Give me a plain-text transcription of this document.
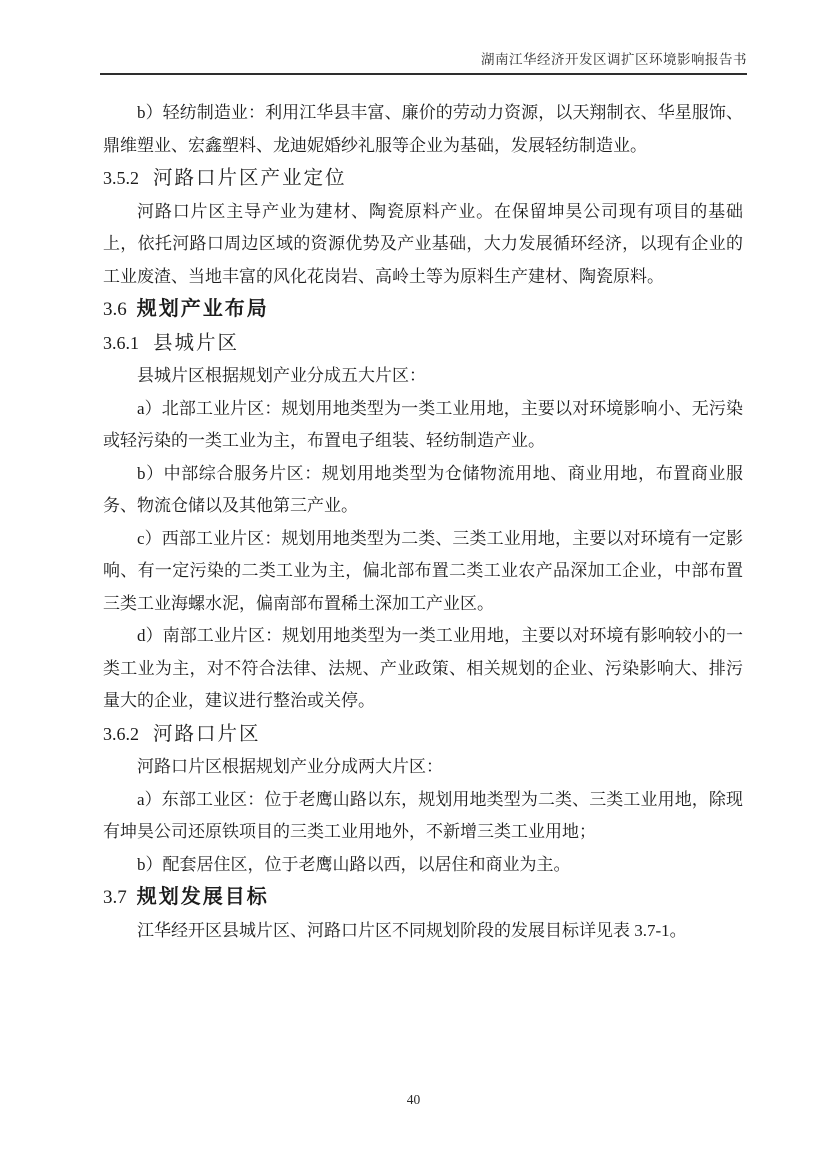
湖南江华经济开发区调扩区环境影响报告书

b）轻纺制造业：利用江华县丰富、廉价的劳动力资源，以天翔制衣、华星服饰、鼎维塑业、宏鑫塑料、龙迪妮婚纱礼服等企业为基础，发展轻纺制造业。

3.5.2 河路口片区产业定位

河路口片区主导产业为建材、陶瓷原料产业。在保留坤昊公司现有项目的基础上，依托河路口周边区域的资源优势及产业基础，大力发展循环经济，以现有企业的工业废渣、当地丰富的风化花岗岩、高岭土等为原料生产建材、陶瓷原料。

3.6 规划产业布局

3.6.1 县城片区

县城片区根据规划产业分成五大片区：

a）北部工业片区：规划用地类型为一类工业用地，主要以对环境影响小、无污染或轻污染的一类工业为主，布置电子组装、轻纺制造产业。

b）中部综合服务片区：规划用地类型为仓储物流用地、商业用地，布置商业服务、物流仓储以及其他第三产业。

c）西部工业片区：规划用地类型为二类、三类工业用地，主要以对环境有一定影响、有一定污染的二类工业为主，偏北部布置二类工业农产品深加工企业，中部布置三类工业海螺水泥，偏南部布置稀土深加工产业区。

d）南部工业片区：规划用地类型为一类工业用地，主要以对环境有影响较小的一类工业为主，对不符合法律、法规、产业政策、相关规划的企业、污染影响大、排污量大的企业，建议进行整治或关停。

3.6.2 河路口片区

河路口片区根据规划产业分成两大片区：

a）东部工业区：位于老鹰山路以东，规划用地类型为二类、三类工业用地，除现有坤昊公司还原铁项目的三类工业用地外，不新增三类工业用地；

b）配套居住区，位于老鹰山路以西，以居住和商业为主。

3.7 规划发展目标

江华经开区县城片区、河路口片区不同规划阶段的发展目标详见表 3.7-1。

40
